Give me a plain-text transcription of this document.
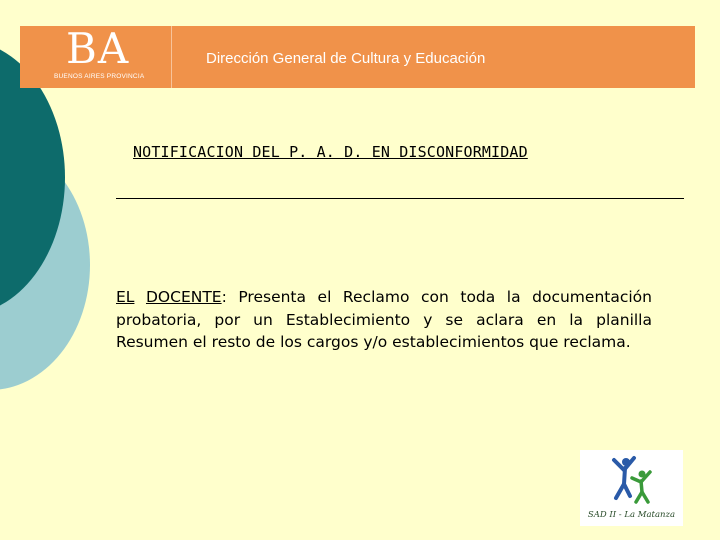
BA
BUENOS AIRES PROVINCIA
Dirección General de Cultura y Educación
NOTIFICACION DEL P. A. D. EN DISCONFORMIDAD
EL DOCENTE: Presenta el Reclamo con toda la documentación probatoria, por un Establecimiento y se aclara en la planilla Resumen el resto de los cargos y/o establecimientos que reclama.
SAD II - La Matanza
